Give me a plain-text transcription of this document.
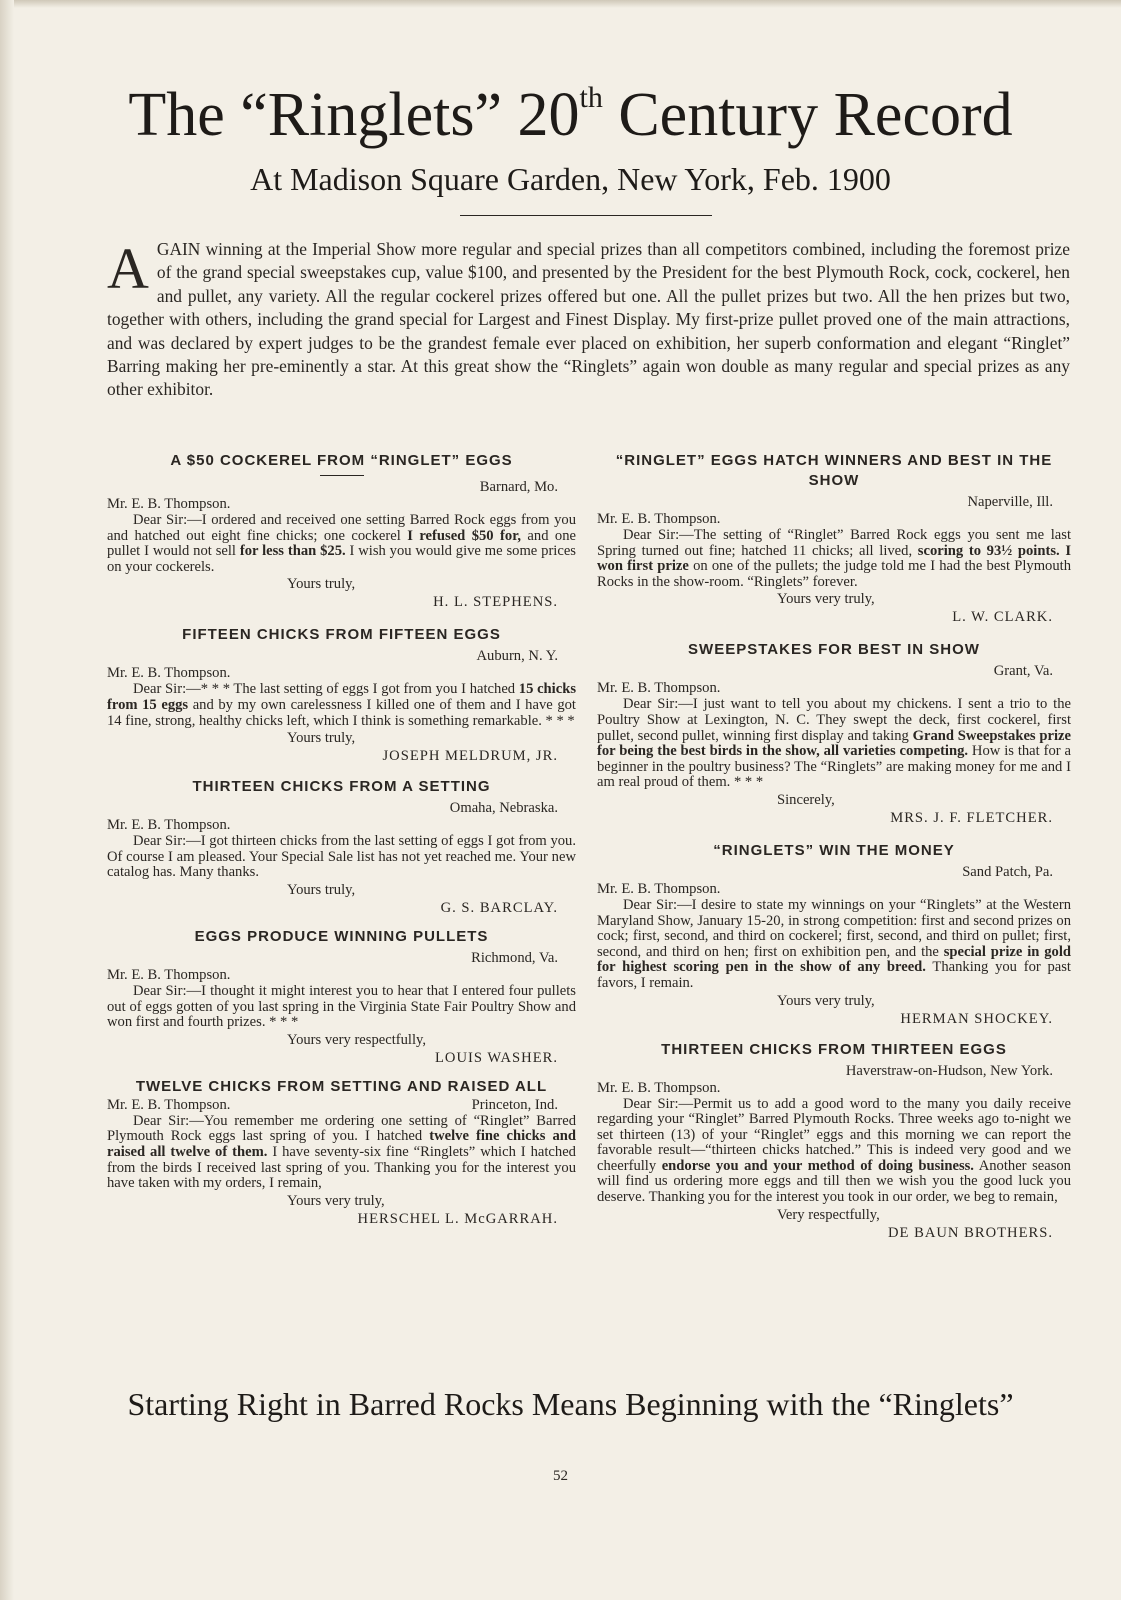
The “Ringlets” 20th Century Record
At Madison Square Garden, New York, Feb. 1900
AGAIN winning at the Imperial Show more regular and special prizes than all competitors combined, including the foremost prize of the grand special sweepstakes cup, value $100, and presented by the President for the best Plymouth Rock, cock, cockerel, hen and pullet, any variety. All the regular cockerel prizes offered but one. All the pullet prizes but two. All the hen prizes but two, together with others, including the grand special for Largest and Finest Display. My first-prize pullet proved one of the main attractions, and was declared by expert judges to be the grandest female ever placed on exhibition, her superb conformation and elegant “Ringlet” Barring making her pre-eminently a star. At this great show the “Ringlets” again won double as many regular and special prizes as any other exhibitor.

A $50 COCKEREL FROM “RINGLET” EGGS

Barnard, Mo.

Mr. E. B. Thompson.

Dear Sir:—I ordered and received one setting Barred Rock eggs from you and hatched out eight fine chicks; one cockerel I refused $50 for, and one pullet I would not sell for less than $25. I wish you would give me some prices on your cockerels.

Yours truly,

H. L. STEPHENS.

FIFTEEN CHICKS FROM FIFTEEN EGGS

Auburn, N. Y.

Mr. E. B. Thompson.

Dear Sir:—* * * The last setting of eggs I got from you I hatched 15 chicks from 15 eggs and by my own carelessness I killed one of them and I have got 14 fine, strong, healthy chicks left, which I think is something remarkable. * * *

Yours truly,

JOSEPH MELDRUM, JR.

THIRTEEN CHICKS FROM A SETTING

Omaha, Nebraska.

Mr. E. B. Thompson.

Dear Sir:—I got thirteen chicks from the last setting of eggs I got from you. Of course I am pleased. Your Special Sale list has not yet reached me. Your new catalog has. Many thanks.

Yours truly,

G. S. BARCLAY.

EGGS PRODUCE WINNING PULLETS

Richmond, Va.

Mr. E. B. Thompson.

Dear Sir:—I thought it might interest you to hear that I entered four pullets out of eggs gotten of you last spring in the Virginia State Fair Poultry Show and won first and fourth prizes. * * *

Yours very respectfully,

LOUIS WASHER.

TWELVE CHICKS FROM SETTING AND RAISED ALL

Mr. E. B. Thompson.	Princeton, Ind.

Dear Sir:—You remember me ordering one setting of “Ringlet” Barred Plymouth Rock eggs last spring of you. I hatched twelve fine chicks and raised all twelve of them. I have seventy-six fine “Ringlets” which I hatched from the birds I received last spring of you. Thanking you for the interest you have taken with my orders, I remain,

Yours very truly,

HERSCHEL L. McGARRAH.

“RINGLET” EGGS HATCH WINNERS AND BEST IN THE SHOW

Naperville, Ill.

Mr. E. B. Thompson.

Dear Sir:—The setting of “Ringlet” Barred Rock eggs you sent me last Spring turned out fine; hatched 11 chicks; all lived, scoring to 93½ points. I won first prize on one of the pullets; the judge told me I had the best Plymouth Rocks in the show-room. “Ringlets” forever.

Yours very truly,

L. W. CLARK.

SWEEPSTAKES FOR BEST IN SHOW

Grant, Va.

Mr. E. B. Thompson.

Dear Sir:—I just want to tell you about my chickens. I sent a trio to the Poultry Show at Lexington, N. C. They swept the deck, first cockerel, first pullet, second pullet, winning first display and taking Grand Sweepstakes prize for being the best birds in the show, all varieties competing. How is that for a beginner in the poultry business? The “Ringlets” are making money for me and I am real proud of them. * * *

Sincerely,

MRS. J. F. FLETCHER.

“RINGLETS” WIN THE MONEY

Sand Patch, Pa.

Mr. E. B. Thompson.

Dear Sir:—I desire to state my winnings on your “Ringlets” at the Western Maryland Show, January 15-20, in strong competition: first and second prizes on cock; first, second, and third on cockerel; first, second, and third on pullet; first, second, and third on hen; first on exhibition pen, and the special prize in gold for highest scoring pen in the show of any breed. Thanking you for past favors, I remain.

Yours very truly,

HERMAN SHOCKEY.

THIRTEEN CHICKS FROM THIRTEEN EGGS

Haverstraw-on-Hudson, New York.

Mr. E. B. Thompson.

Dear Sir:—Permit us to add a good word to the many you daily receive regarding your “Ringlet” Barred Plymouth Rocks. Three weeks ago to-night we set thirteen (13) of your “Ringlet” eggs and this morning we can report the favorable result—“thirteen chicks hatched.” This is indeed very good and we cheerfully endorse you and your method of doing business. Another season will find us ordering more eggs and till then we wish you the good luck you deserve. Thanking you for the interest you took in our order, we beg to remain,

Very respectfully,

DE BAUN BROTHERS.

Starting Right in Barred Rocks Means Beginning with the “Ringlets”
52
